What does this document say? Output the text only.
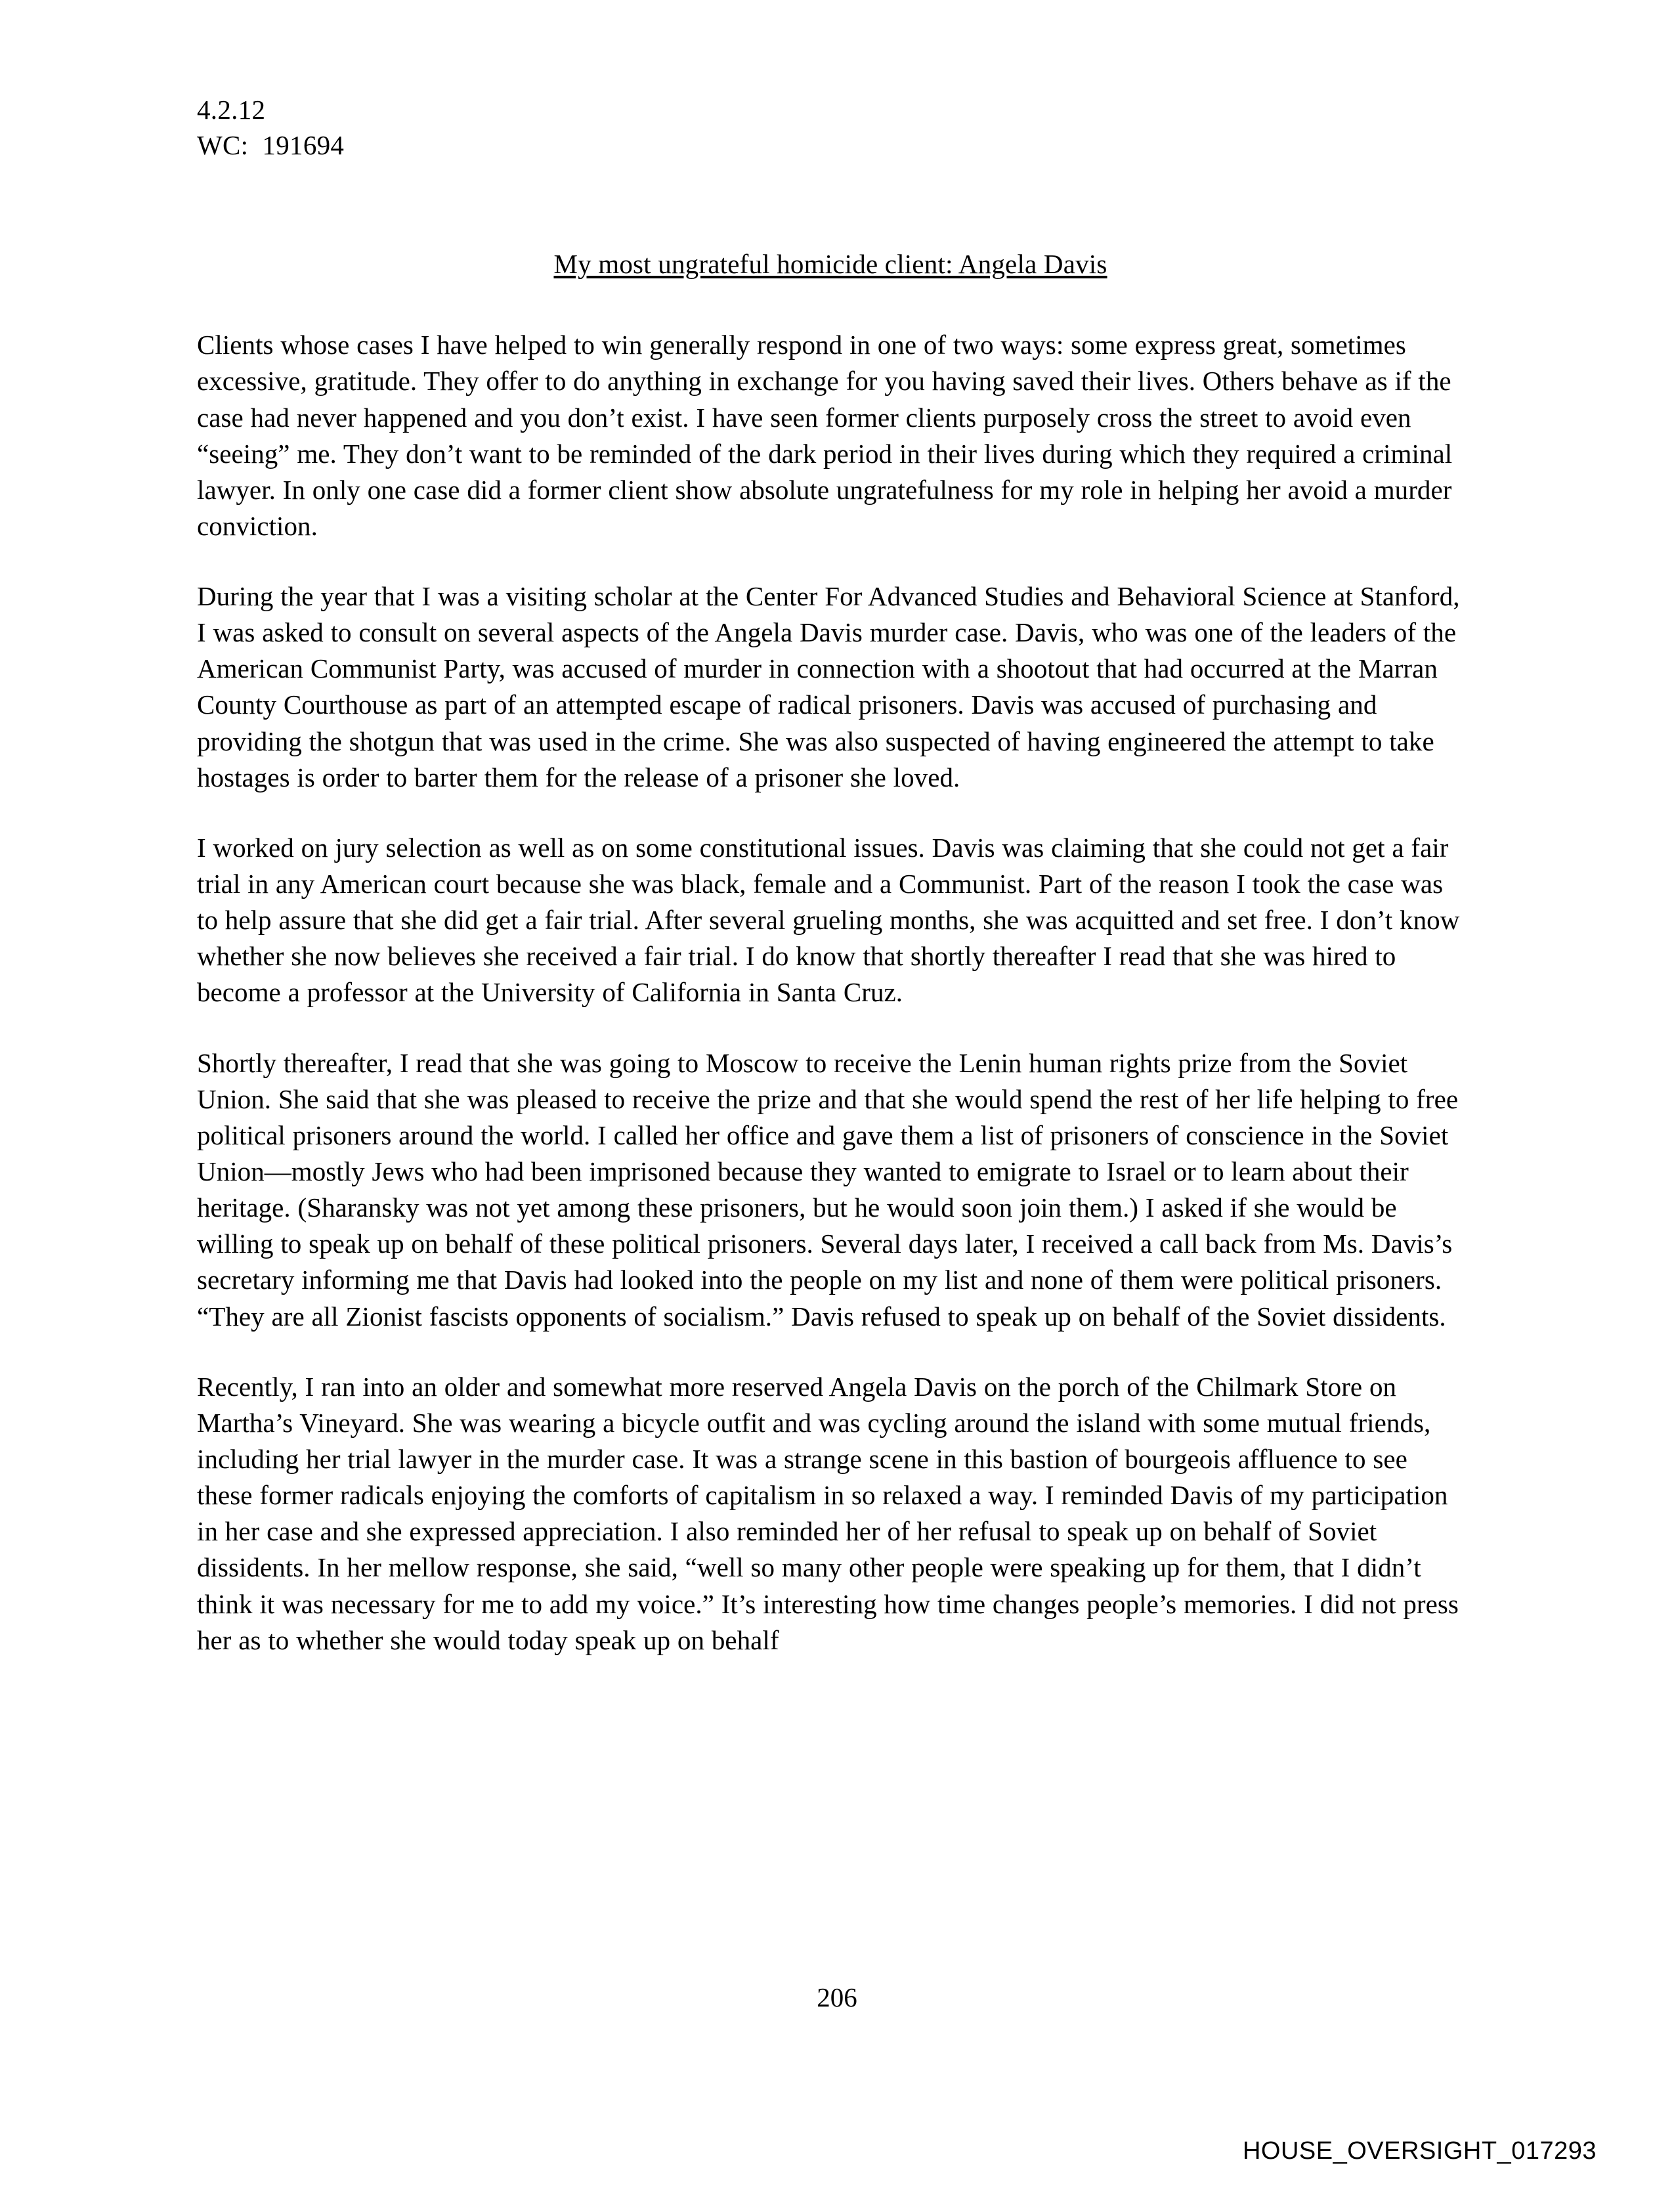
4.2.12
WC:  191694
My most ungrateful homicide client: Angela Davis

Clients whose cases I have helped to win generally respond in one of two ways: some express great, sometimes excessive, gratitude. They offer to do anything in exchange for you having saved their lives. Others behave as if the case had never happened and you don’t exist. I have seen former clients purposely cross the street to avoid even “seeing” me. They don’t want to be reminded of the dark period in their lives during which they required a criminal lawyer. In only one case did a former client show absolute ungratefulness for my role in helping her avoid a murder conviction.

During the year that I was a visiting scholar at the Center For Advanced Studies and Behavioral Science at Stanford, I was asked to consult on several aspects of the Angela Davis murder case. Davis, who was one of the leaders of the American Communist Party, was accused of murder in connection with a shootout that had occurred at the Marran County Courthouse as part of an attempted escape of radical prisoners. Davis was accused of purchasing and providing the shotgun that was used in the crime. She was also suspected of having engineered the attempt to take hostages is order to barter them for the release of a prisoner she loved.

I worked on jury selection as well as on some constitutional issues. Davis was claiming that she could not get a fair trial in any American court because she was black, female and a Communist. Part of the reason I took the case was to help assure that she did get a fair trial. After several grueling months, she was acquitted and set free. I don’t know whether she now believes she received a fair trial. I do know that shortly thereafter I read that she was hired to become a professor at the University of California in Santa Cruz.

Shortly thereafter, I read that she was going to Moscow to receive the Lenin human rights prize from the Soviet Union. She said that she was pleased to receive the prize and that she would spend the rest of her life helping to free political prisoners around the world. I called her office and gave them a list of prisoners of conscience in the Soviet Union—mostly Jews who had been imprisoned because they wanted to emigrate to Israel or to learn about their heritage. (Sharansky was not yet among these prisoners, but he would soon join them.) I asked if she would be willing to speak up on behalf of these political prisoners. Several days later, I received a call back from Ms. Davis’s secretary informing me that Davis had looked into the people on my list and none of them were political prisoners. “They are all Zionist fascists opponents of socialism.” Davis refused to speak up on behalf of the Soviet dissidents.

Recently, I ran into an older and somewhat more reserved Angela Davis on the porch of the Chilmark Store on Martha’s Vineyard. She was wearing a bicycle outfit and was cycling around the island with some mutual friends, including her trial lawyer in the murder case. It was a strange scene in this bastion of bourgeois affluence to see these former radicals enjoying the comforts of capitalism in so relaxed a way. I reminded Davis of my participation in her case and she expressed appreciation. I also reminded her of her refusal to speak up on behalf of Soviet dissidents. In her mellow response, she said, “well so many other people were speaking up for them, that I didn’t think it was necessary for me to add my voice.” It’s interesting how time changes people’s memories. I did not press her as to whether she would today speak up on behalf

206
HOUSE_OVERSIGHT_017293
